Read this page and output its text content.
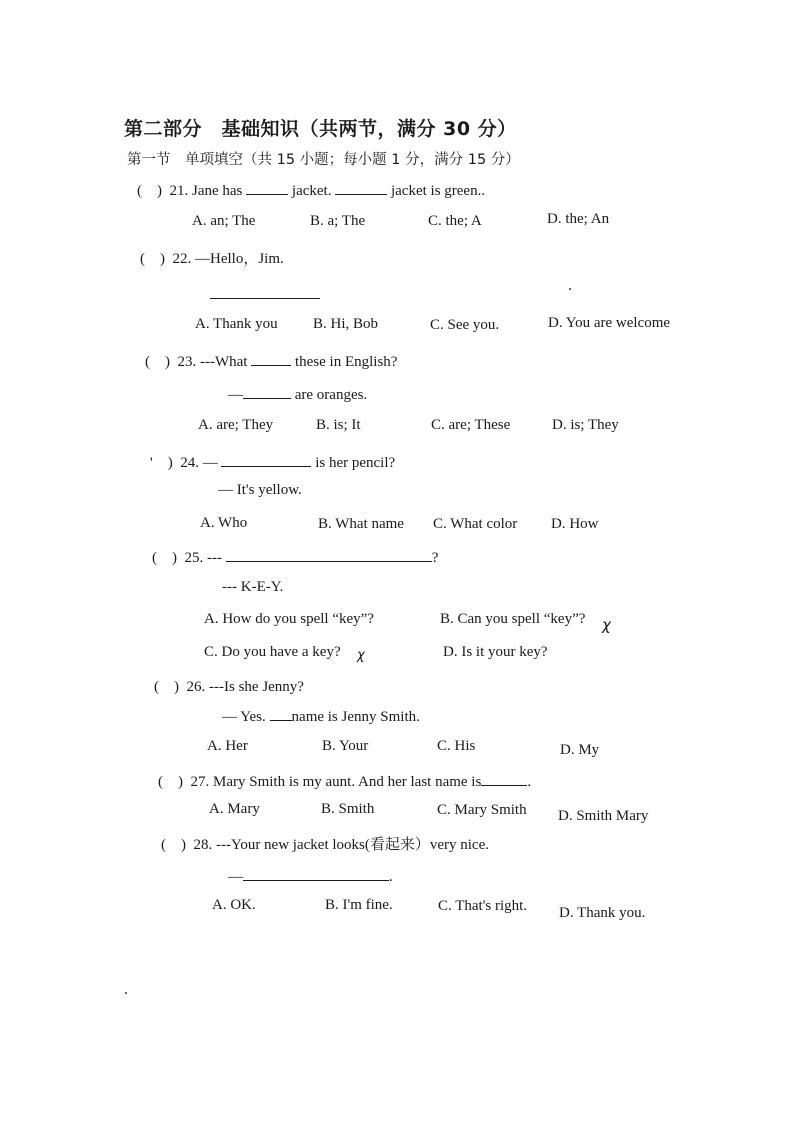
第二部分　基础知识（共两节，满分 30 分）
第一节　单项填空（共 15 小题；每小题 1 分，满分 15 分）
(　) 21. Jane has	jacket.	jacket is green..
A. an; The	B. a; The	C. the; A	D. the; An
(　) 22. —Hello，Jim.
A. Thank you B. Hi, Bob	C. See you.	D. You are welcome
(　) 23. ---What	these in English?
—	are oranges.
A. are; They	B. is; It	C. are; These	D. is; They
'　) 24. —	is her pencil?
— It's yellow.
A. Who	B. What name C. What color D. How
(　) 25. ---	?
--- K-E-Y.
A. How do you spell “key”?	B. Can you spell “key”? χ
C. Do you have a key? χ	D. Is it your key?
(　) 26. ---Is she Jenny?
— Yes. name is Jenny Smith.
A. Her	B. Your	C. His	D. My
(　) 27. Mary Smith is my aunt. And her last name is	.
A. Mary	B. Smith	C. Mary Smith D. Smith Mary
(　) 28. ---Your new jacket looks(看起来）very nice.
—	.
A. OK.	B. I'm fine.	C. That's right. D. Thank you.
